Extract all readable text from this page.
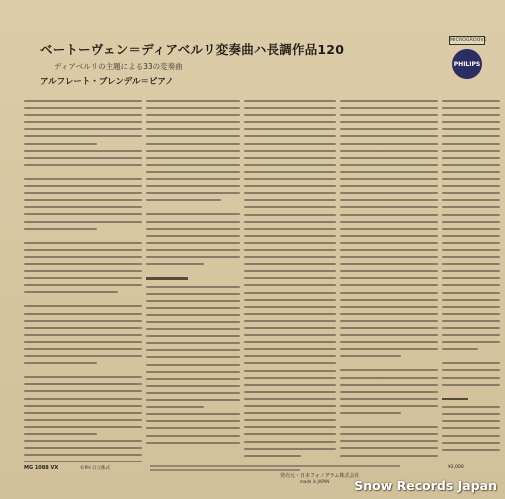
ベートーヴェン＝ディアベルリ変奏曲ハ長調作品120
ディアベルリの主題による33の変奏曲
アルフレート・ブレンデル＝ピアノ
MICROGROOVE
PHILIPS
MG 1088 VX	©PH 日立株式
発売元・日本フォノグラム株式会社
made in JAPAN
¥2,000
Snow Records Japan
